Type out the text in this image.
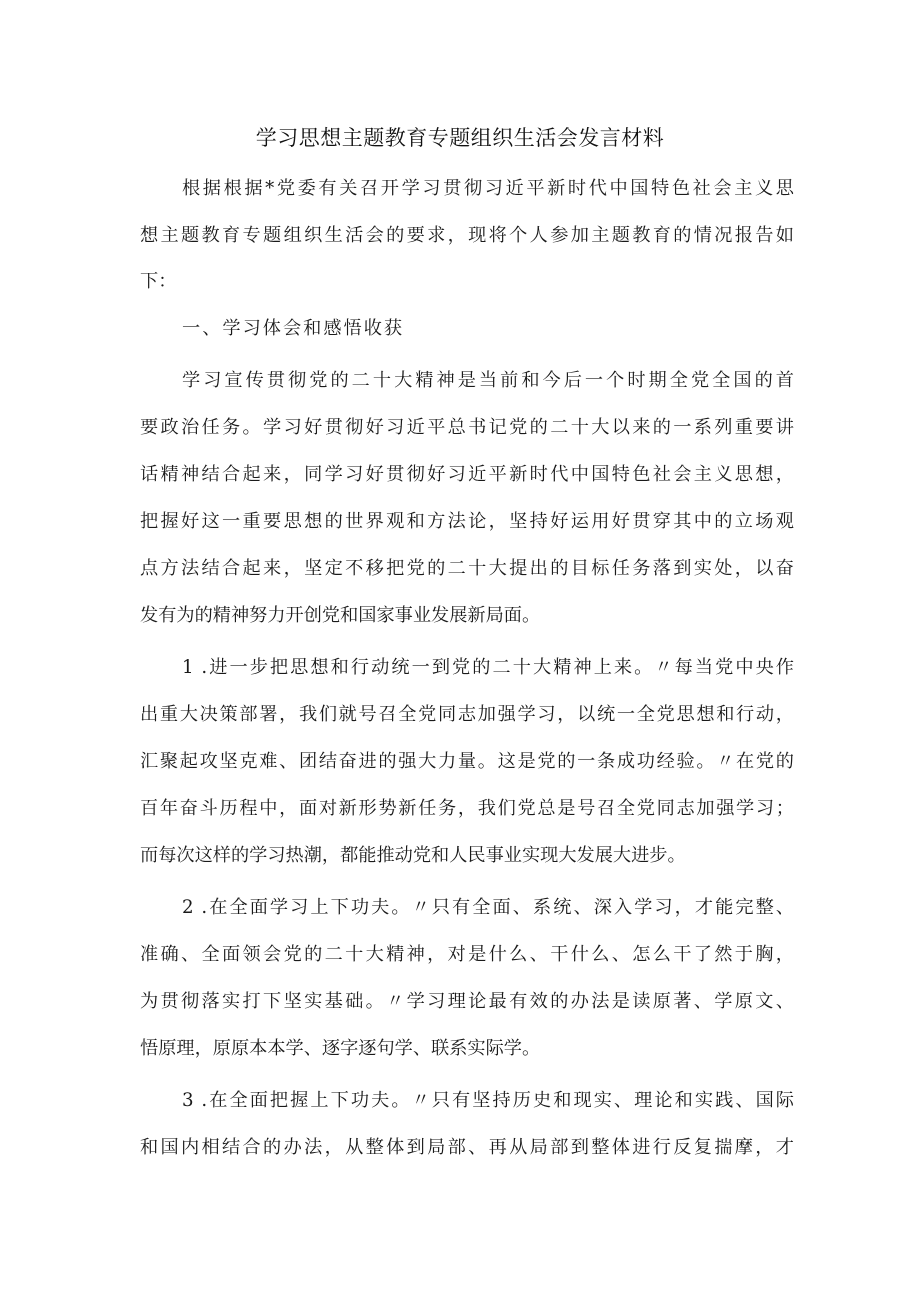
学习思想主题教育专题组织生活会发言材料
根据根据*党委有关召开学习贯彻习近平新时代中国特色社会主义思
想主题教育专题组织生活会的要求，现将个人参加主题教育的情况报告如
下：
一、学习体会和感悟收获
学习宣传贯彻党的二十大精神是当前和今后一个时期全党全国的首
要政治任务。学习好贯彻好习近平总书记党的二十大以来的一系列重要讲
话精神结合起来，同学习好贯彻好习近平新时代中国特色社会主义思想，
把握好这一重要思想的世界观和方法论，坚持好运用好贯穿其中的立场观
点方法结合起来，坚定不移把党的二十大提出的目标任务落到实处，以奋
发有为的精神努力开创党和国家事业发展新局面。
1 .进一步把思想和行动统一到党的二十大精神上来。〃每当党中央作
出重大决策部署，我们就号召全党同志加强学习，以统一全党思想和行动，
汇聚起攻坚克难、团结奋进的强大力量。这是党的一条成功经验。〃在党的
百年奋斗历程中，面对新形势新任务，我们党总是号召全党同志加强学习；
而每次这样的学习热潮，都能推动党和人民事业实现大发展大进步。
2 .在全面学习上下功夫。〃只有全面、系统、深入学习，才能完整、
准确、全面领会党的二十大精神，对是什么、干什么、怎么干了然于胸，
为贯彻落实打下坚实基础。〃学习理论最有效的办法是读原著、学原文、
悟原理，原原本本学、逐字逐句学、联系实际学。
3 .在全面把握上下功夫。〃只有坚持历史和现实、理论和实践、国际
和国内相结合的办法，从整体到局部、再从局部到整体进行反复揣摩，才
